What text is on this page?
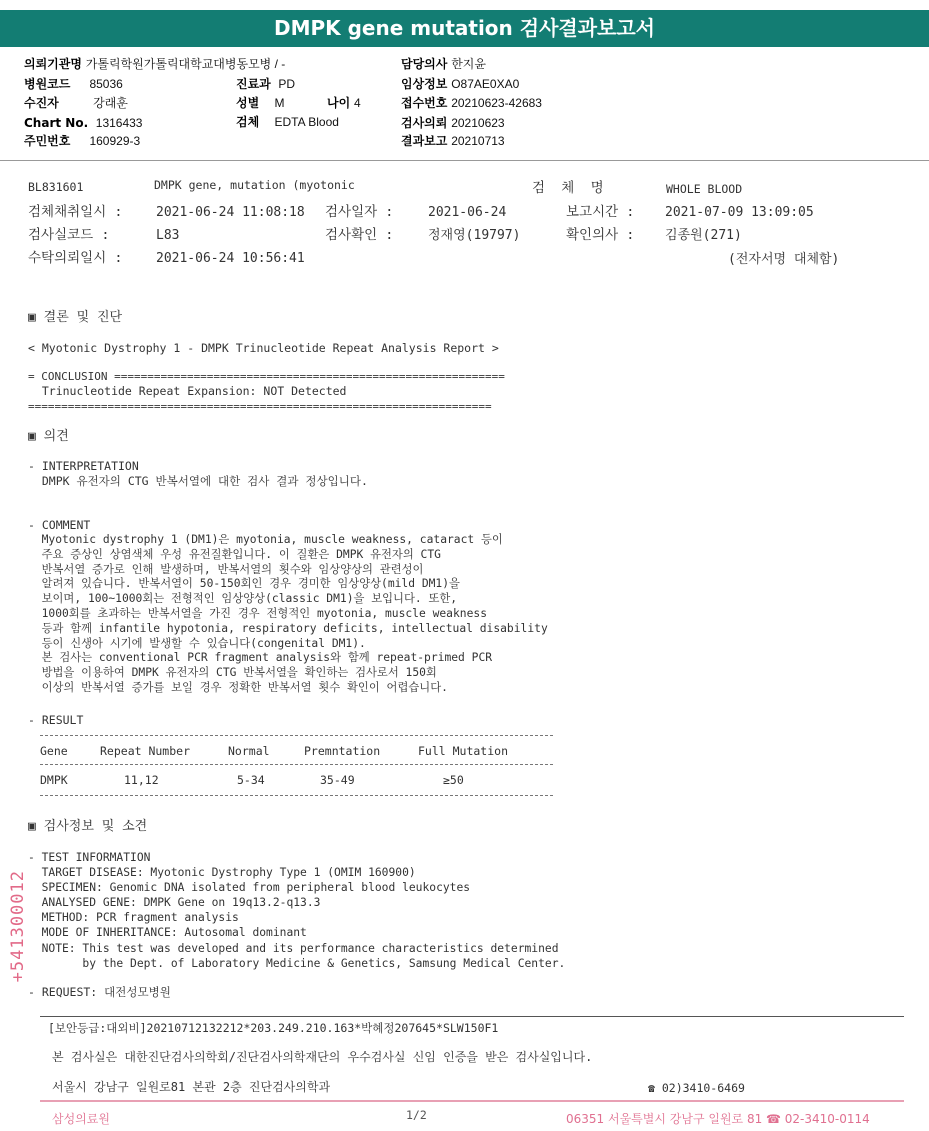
DMPK gene mutation 검사결과보고서
의뢰기관명 가톨릭학원가톨릭대학교대병동모병 / -
병원코드 85036
수진자	강래훈
Chart No. 1316433
주민번호 160929-3
진료과 PD
성별 M	나이 4
검체 EDTA Blood
담당의사 한지윤
임상정보 O87AE0XA0
접수번호 20210623-42683
검사의뢰 20210623
결과보고 20210713
BL831601	DMPK gene, mutation (myotonic	검  체  명	WHOLE BLOOD
검체채취일시 :	2021-06-24 11:08:18 검사일자 :	2021-06-24	보고시간 : 2021-07-09 13:09:05
검사실코드 :	L83	검사확인 :	정재영(19797)	확인의사 : 김종원(271)
수탁의뢰일시 :	2021-06-24 10:56:41	(전자서명 대체함)
▣ 결론 및 진단
< Myotonic Dystrophy 1 - DMPK Trinucleotide Repeat Analysis Report >
= CONCLUSION ===========================================================
Trinucleotide Repeat Expansion: NOT Detected
======================================================================
▣ 의견
- INTERPRETATION
DMPK 유전자의 CTG 반복서열에 대한 검사 결과 정상입니다.
- COMMENT
Myotonic dystrophy 1 (DM1)은 myotonia, muscle weakness, cataract 등이
주요 증상인 상염색체 우성 유전질환입니다. 이 질환은 DMPK 유전자의 CTG
반복서열 증가로 인해 발생하며, 반복서열의 횟수와 임상양상의 관련성이
알려져 있습니다. 반복서열이 50-150회인 경우 경미한 임상양상(mild DM1)을
보이며, 100~1000회는 전형적인 임상양상(classic DM1)을 보입니다. 또한,
1000회를 초과하는 반복서열을 가진 경우 전형적인 myotonia, muscle weakness
등과 함께 infantile hypotonia, respiratory deficits, intellectual disability
등이 신생아 시기에 발생할 수 있습니다(congenital DM1).
본 검사는 conventional PCR fragment analysis와 함께 repeat-primed PCR
방법을 이용하여 DMPK 유전자의 CTG 반복서열을 확인하는 검사로서 150회
이상의 반복서열 증가를 보일 경우 정확한 반복서열 횟수 확인이 어렵습니다.
- RESULT
Gene	Repeat Number	Normal	Premntation	Full Mutation
DMPK	11,12	5-34	35-49	≥50
▣ 검사정보 및 소견
- TEST INFORMATION
TARGET DISEASE: Myotonic Dystrophy Type 1 (OMIM 160900)
SPECIMEN: Genomic DNA isolated from peripheral blood leukocytes
ANALYSED GENE: DMPK Gene on 19q13.2-q13.3
METHOD: PCR fragment analysis
MODE OF INHERITANCE: Autosomal dominant
NOTE: This test was developed and its performance characteristics determined
by the Dept. of Laboratory Medicine & Genetics, Samsung Medical Center.
- REQUEST: 대전성모병원
+541300012
[보안등급:대외비]20210712132212*203.249.210.163*박혜정207645*SLW150F1
본 검사실은 대한진단검사의학회/진단검사의학재단의 우수검사실 신임 인증을 받은 검사실입니다.
서울시 강남구 일원로81 본관 2층 진단검사의학과	☎ 02)3410-6469
1/2
삼성의료원	06351 서울특별시 강남구 일원로 81 ☎ 02-3410-0114
